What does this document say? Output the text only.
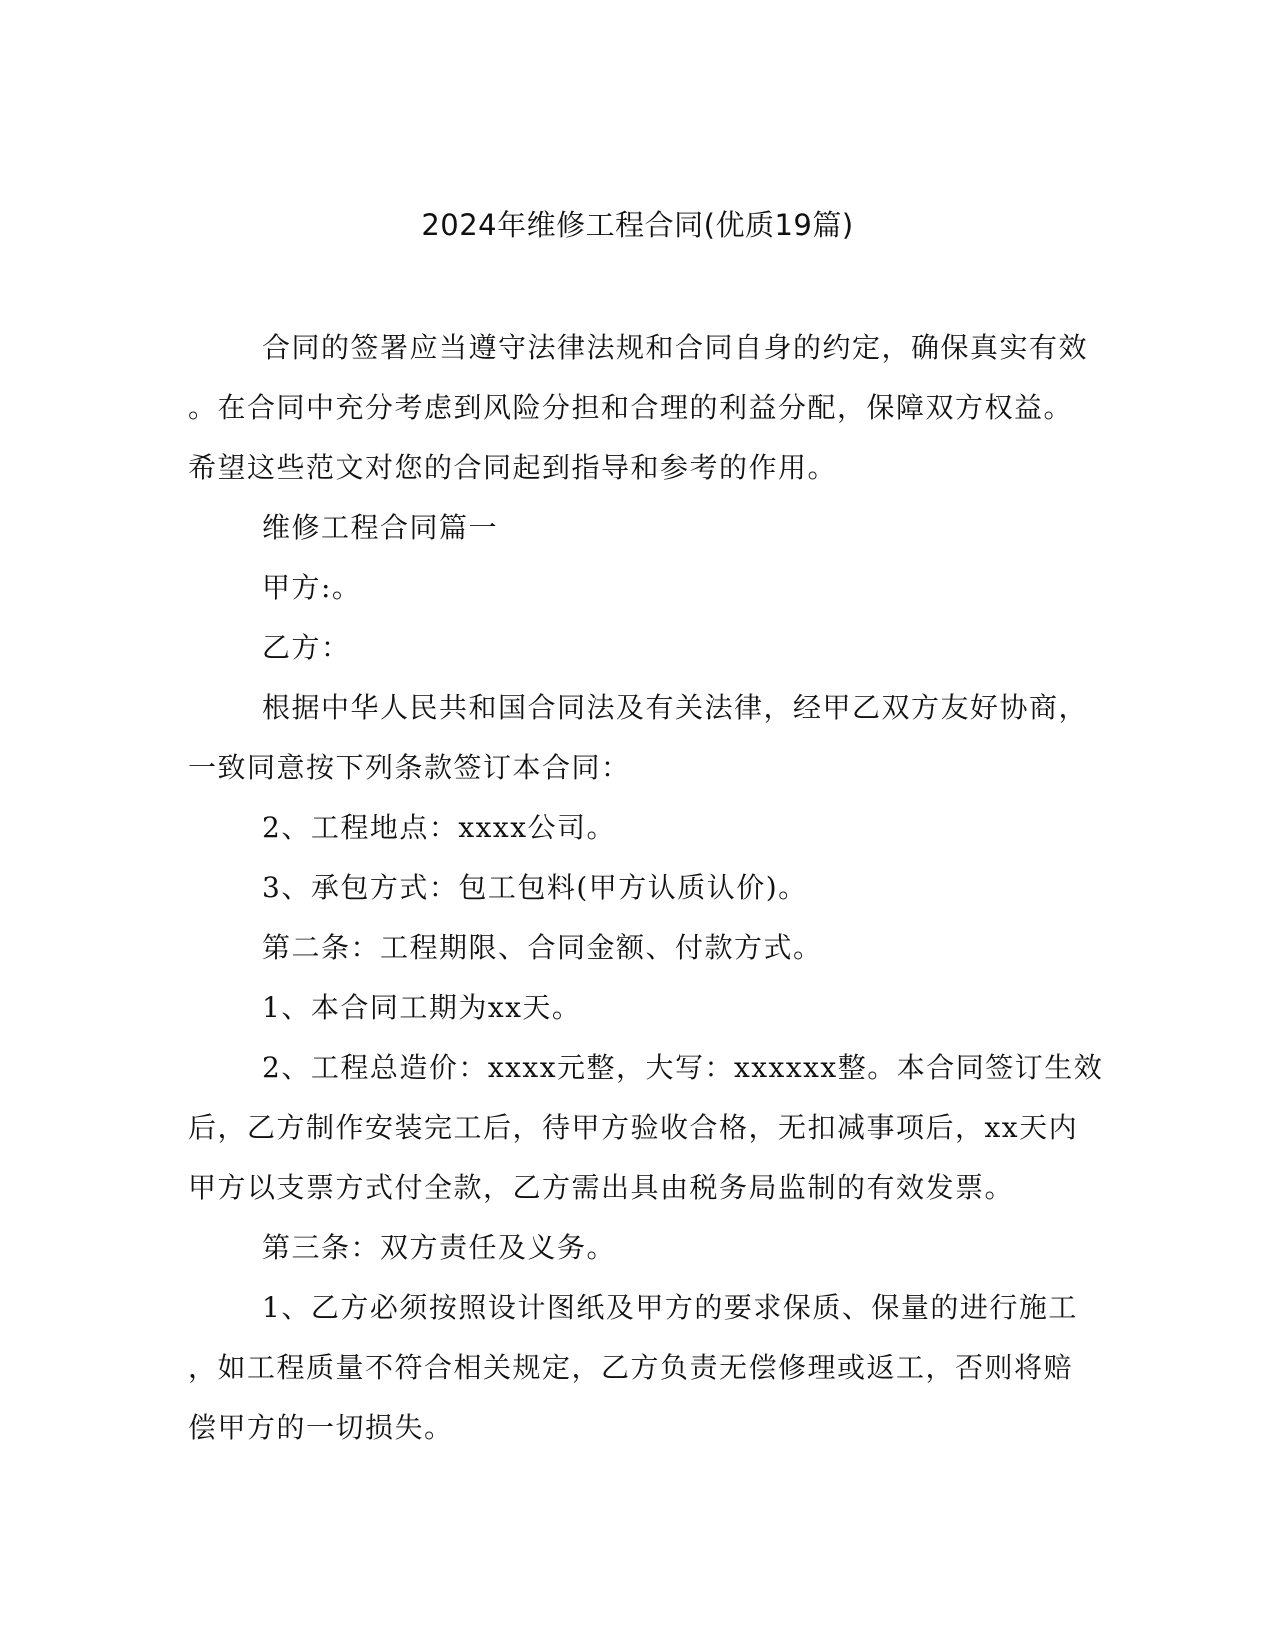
2024年维修工程合同(优质19篇)

合同的签署应当遵守法律法规和合同自身的约定，确保真实有效

。在合同中充分考虑到风险分担和合理的利益分配，保障双方权益。

希望这些范文对您的合同起到指导和参考的作用。

维修工程合同篇一

甲方:。

乙方：

根据中华人民共和国合同法及有关法律，经甲乙双方友好协商，

一致同意按下列条款签订本合同：

2、工程地点：xxxx公司。

3、承包方式：包工包料(甲方认质认价)。

第二条：工程期限、合同金额、付款方式。

1、本合同工期为xx天。

2、工程总造价：xxxx元整，大写：xxxxxx整。本合同签订生效

后，乙方制作安装完工后，待甲方验收合格，无扣减事项后，xx天内

甲方以支票方式付全款，乙方需出具由税务局监制的有效发票。

第三条：双方责任及义务。

1、乙方必须按照设计图纸及甲方的要求保质、保量的进行施工

，如工程质量不符合相关规定，乙方负责无偿修理或返工，否则将赔

偿甲方的一切损失。
